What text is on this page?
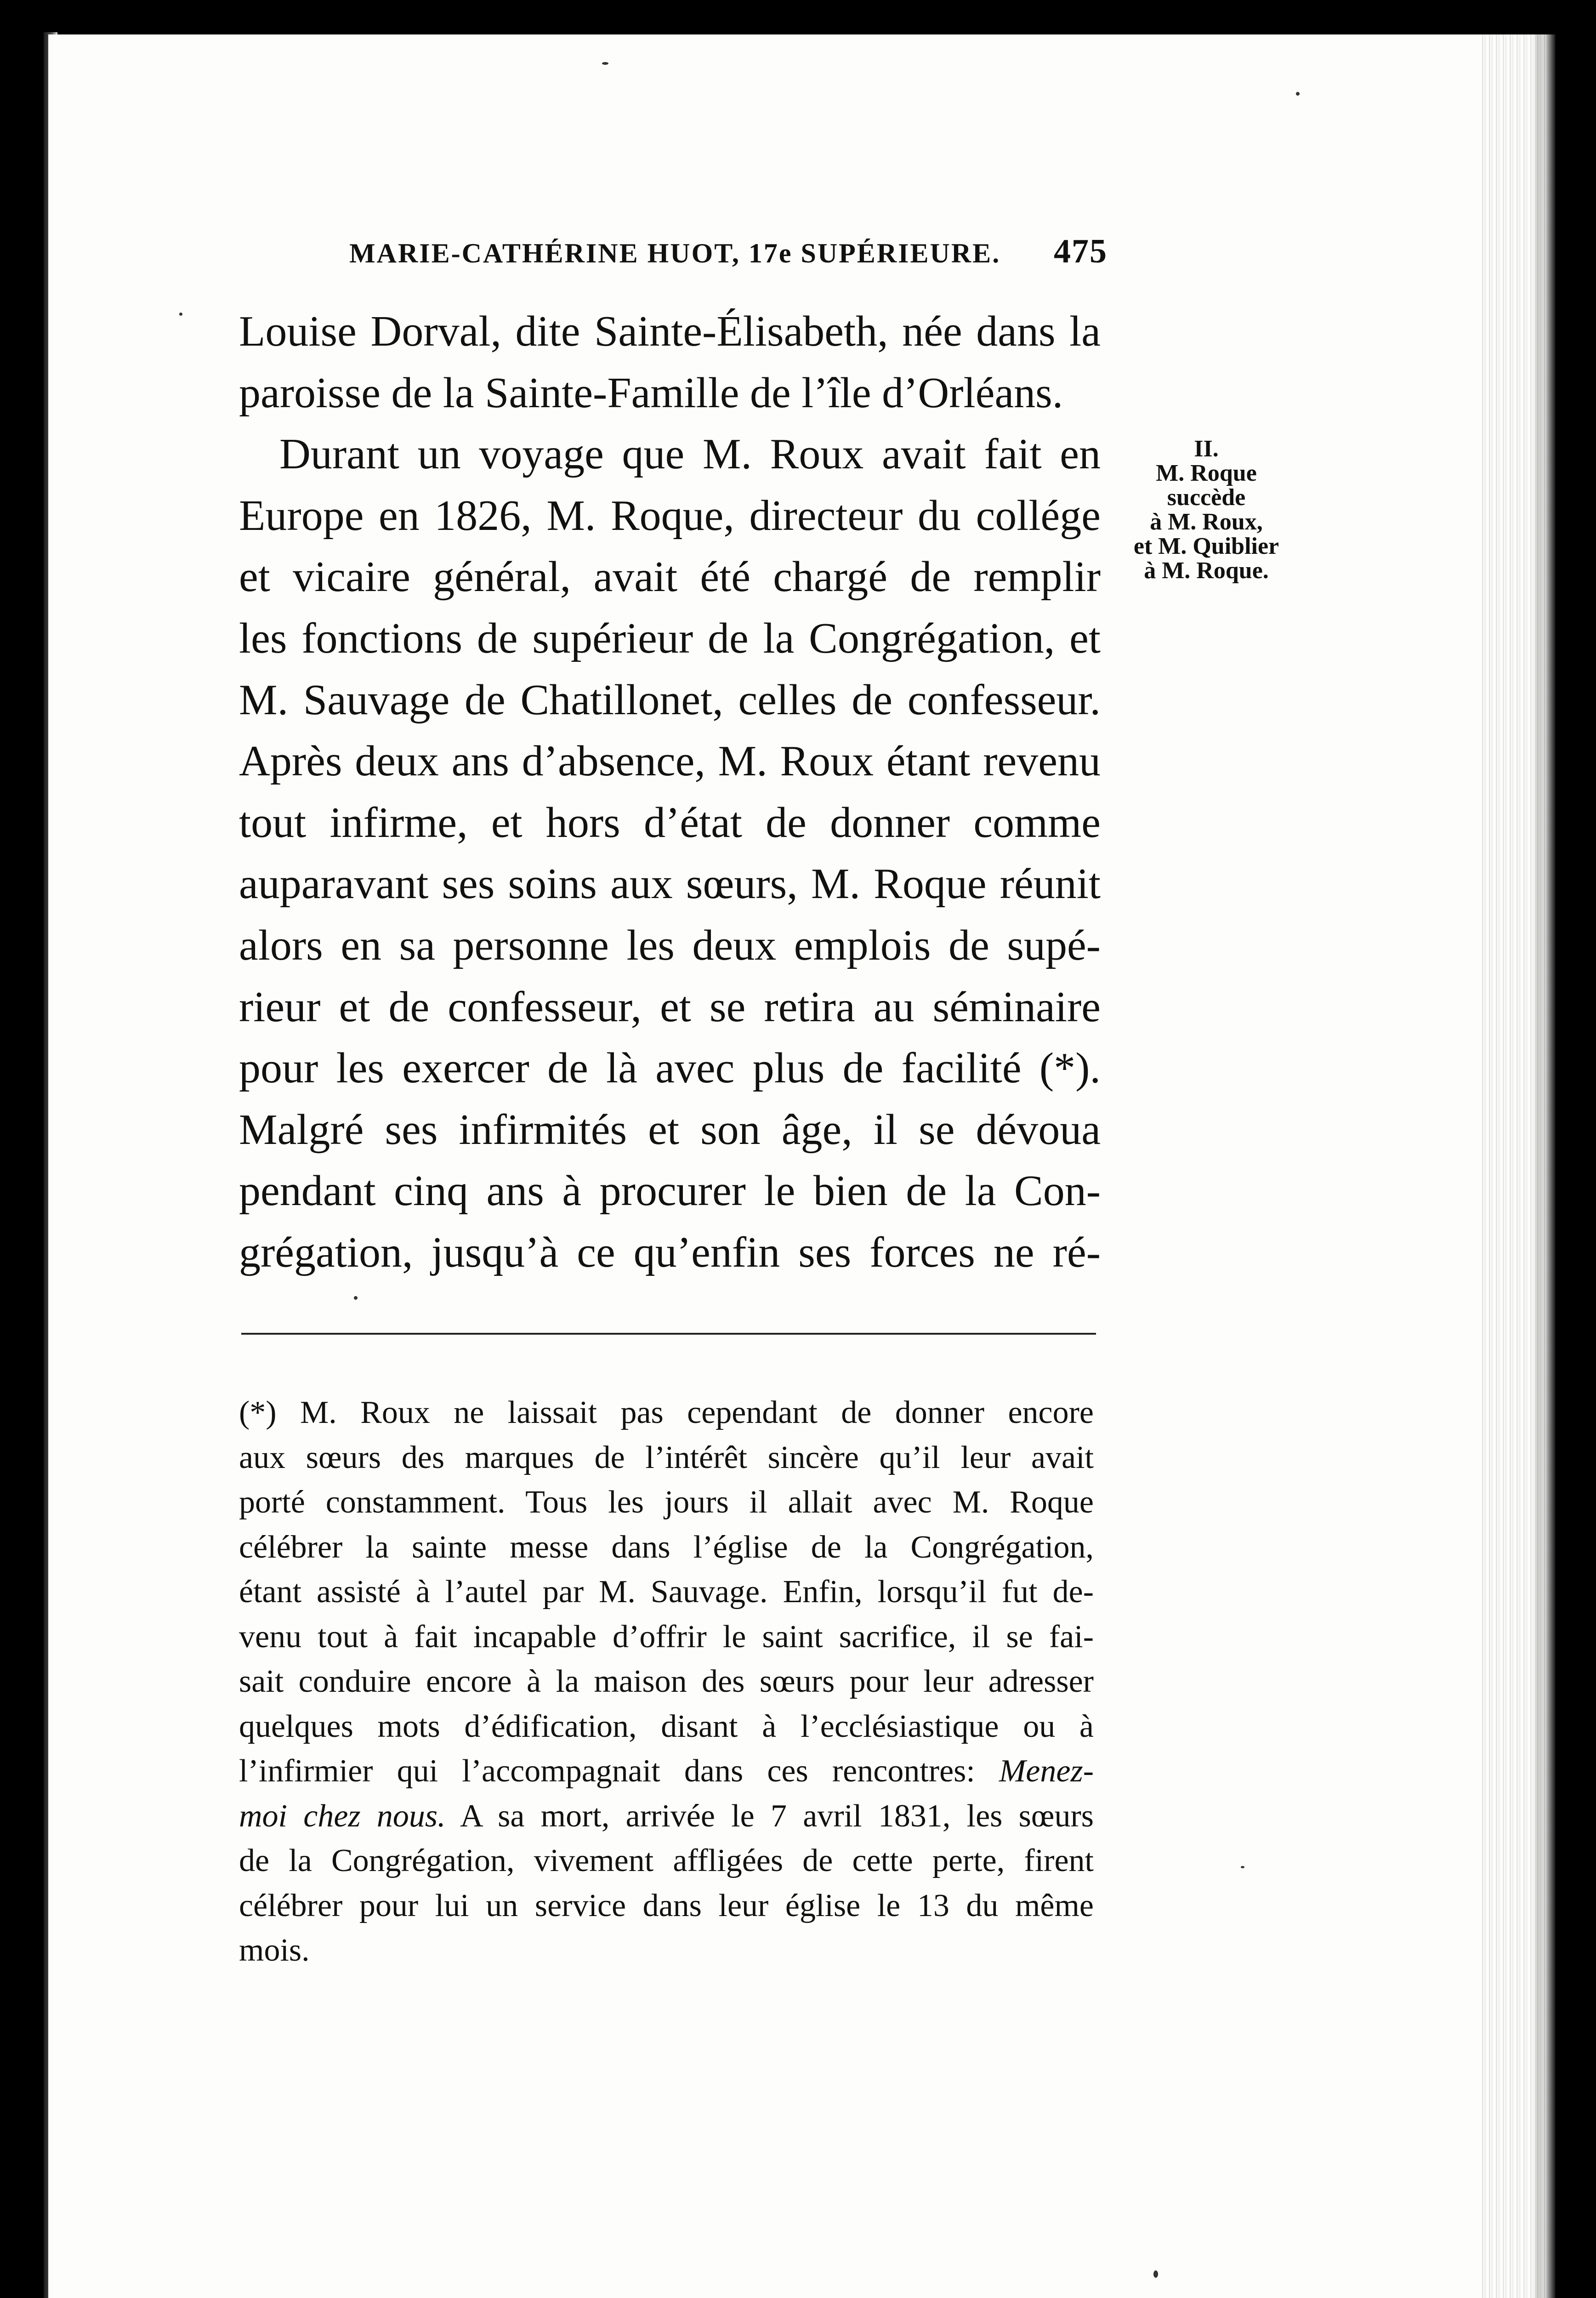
MARIE-CATHÉRINE HUOT, 17e SUPÉRIEURE. 475
Louise Dorval, dite Sainte-Élisabeth, née dans la
paroisse de la Sainte-Famille de l’île d’Orléans.
Durant un voyage que M. Roux avait fait en
Europe en 1826, M. Roque, directeur du collége
et vicaire général, avait été chargé de remplir
les fonctions de supérieur de la Congrégation, et
M. Sauvage de Chatillonet, celles de confesseur.
Après deux ans d’absence, M. Roux étant revenu
tout infirme, et hors d’état de donner comme
auparavant ses soins aux sœurs, M. Roque réunit
alors en sa personne les deux emplois de supé-
rieur et de confesseur, et se retira au séminaire
pour les exercer de là avec plus de facilité (*).
Malgré ses infirmités et son âge, il se dévoua
pendant cinq ans à procurer le bien de la Con-
grégation, jusqu’à ce qu’enfin ses forces ne ré-
II.
M. Roque
succède
à M. Roux,
et M. Quiblier
à M. Roque.
(*) M. Roux ne laissait pas cependant de donner encore
aux sœurs des marques de l’intérêt sincère qu’il leur avait
porté constamment. Tous les jours il allait avec M. Roque
célébrer la sainte messe dans l’église de la Congrégation,
étant assisté à l’autel par M. Sauvage. Enfin, lorsqu’il fut de-
venu tout à fait incapable d’offrir le saint sacrifice, il se fai-
sait conduire encore à la maison des sœurs pour leur adresser
quelques mots d’édification, disant à l’ecclésiastique ou à
l’infirmier qui l’accompagnait dans ces rencontres: Menez-
moi chez nous. A sa mort, arrivée le 7 avril 1831, les sœurs
de la Congrégation, vivement affligées de cette perte, firent
célébrer pour lui un service dans leur église le 13 du même
mois.
